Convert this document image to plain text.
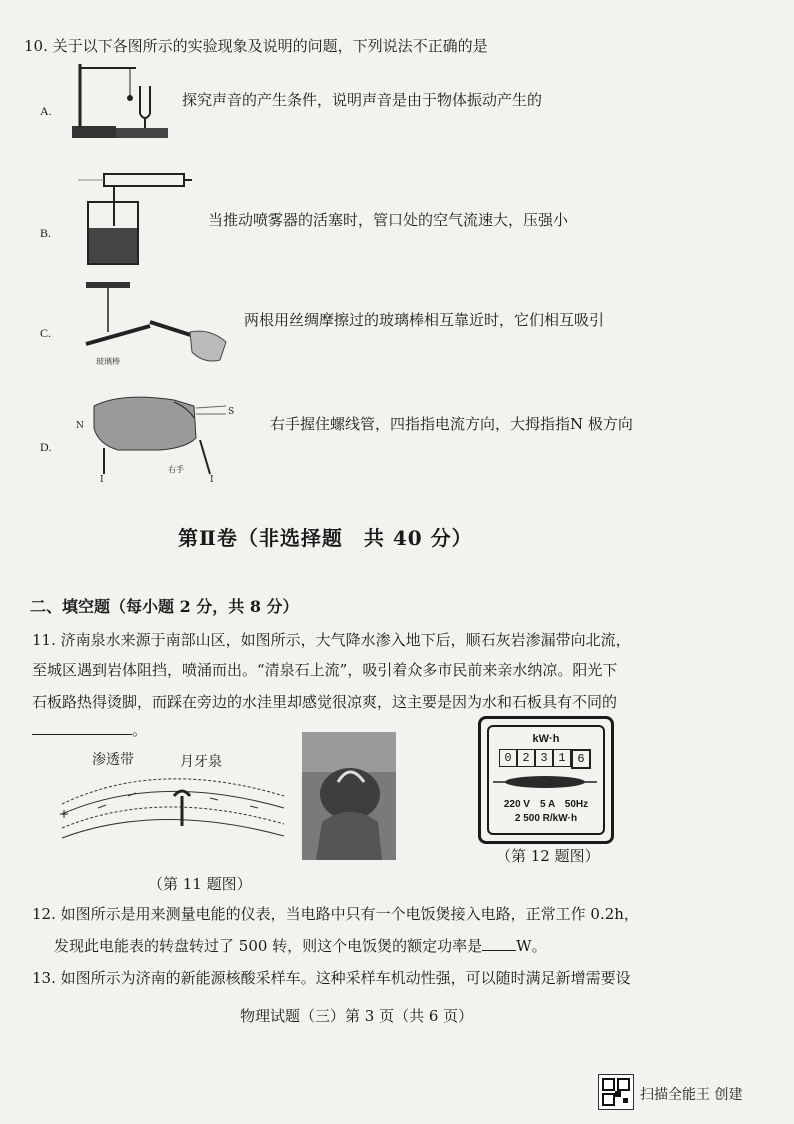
10. 关于以下各图所示的实验现象及说明的问题，下列说法不正确的是
A.
探究声音的产生条件，说明声音是由于物体振动产生的
B.
当推动喷雾器的活塞时，管口处的空气流速大，压强小
C.
玻璃棒
两根用丝绸摩擦过的玻璃棒相互靠近时，它们相互吸引
D.
N
S
I	I
右手
右手握住螺线管，四指指电流方向，大拇指指N 极方向
第Ⅱ卷（非选择题　共 40 分）
二、填空题（每小题 2 分，共 8 分）
11. 济南泉水来源于南部山区，如图所示，大气降水渗入地下后，顺石灰岩渗漏带向北流，
至城区遇到岩体阻挡，喷涌而出。“清泉石上流”，吸引着众多市民前来亲水纳凉。阳光下
石板路热得烫脚，而踩在旁边的水洼里却感觉很凉爽，这主要是因为水和石板具有不同的
。
渗透带	月牙泉
（第 11 题图）
kW·h
0 2 3 1 6
220 V　5 A　50Hz
2 500 R/kW·h
（第 12 题图）
12. 如图所示是用来测量电能的仪表，当电路中只有一个电饭煲接入电路，正常工作 0.2h，
发现此电能表的转盘转过了 500 转，则这个电饭煲的额定功率是 W。
13. 如图所示为济南的新能源核酸采样车。这种采样车机动性强，可以随时满足新增需要设
物理试题（三）第 3 页（共 6 页）
扫描全能王 创建
